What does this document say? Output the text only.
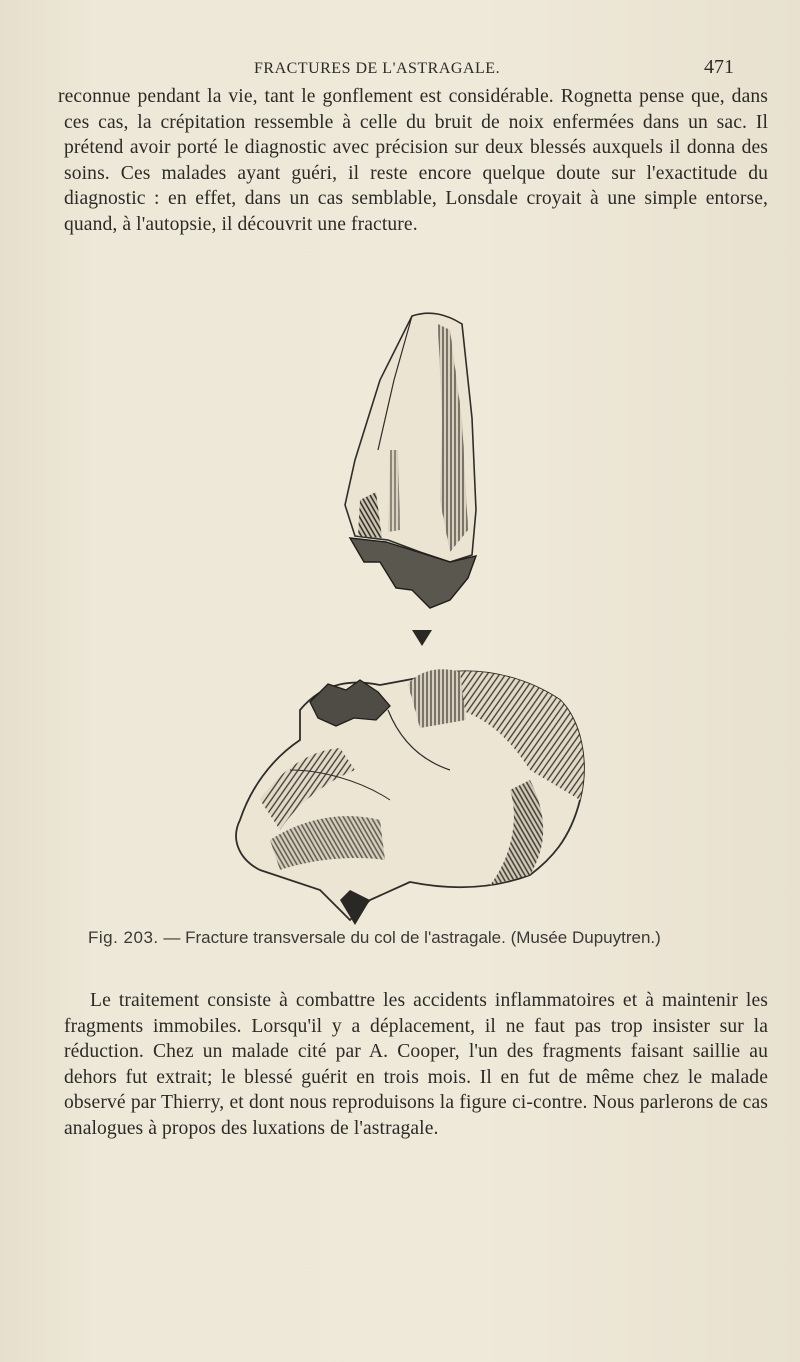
FRACTURES DE L'ASTRAGALE.	471

reconnue pendant la vie, tant le gonflement est considérable. Rognetta pense que, dans ces cas, la crépitation ressemble à celle du bruit de noix enfermées dans un sac. Il prétend avoir porté le diagnostic avec précision sur deux blessés auxquels il donna des soins. Ces malades ayant guéri, il reste encore quelque doute sur l'exactitude du diagnostic : en effet, dans un cas semblable, Lonsdale croyait à une simple entorse, quand, à l'autopsie, il découvrit une fracture.

Fig. 203. — Fracture transversale du col de l'astragale. (Musée Dupuytren.)

Le traitement consiste à combattre les accidents inflammatoires et à maintenir les fragments immobiles. Lorsqu'il y a déplacement, il ne faut pas trop insister sur la réduction. Chez un malade cité par A. Cooper, l'un des fragments faisant saillie au dehors fut extrait; le blessé guérit en trois mois. Il en fut de même chez le malade observé par Thierry, et dont nous reproduisons la figure ci-contre. Nous parlerons de cas analogues à propos des luxations de l'astragale.
